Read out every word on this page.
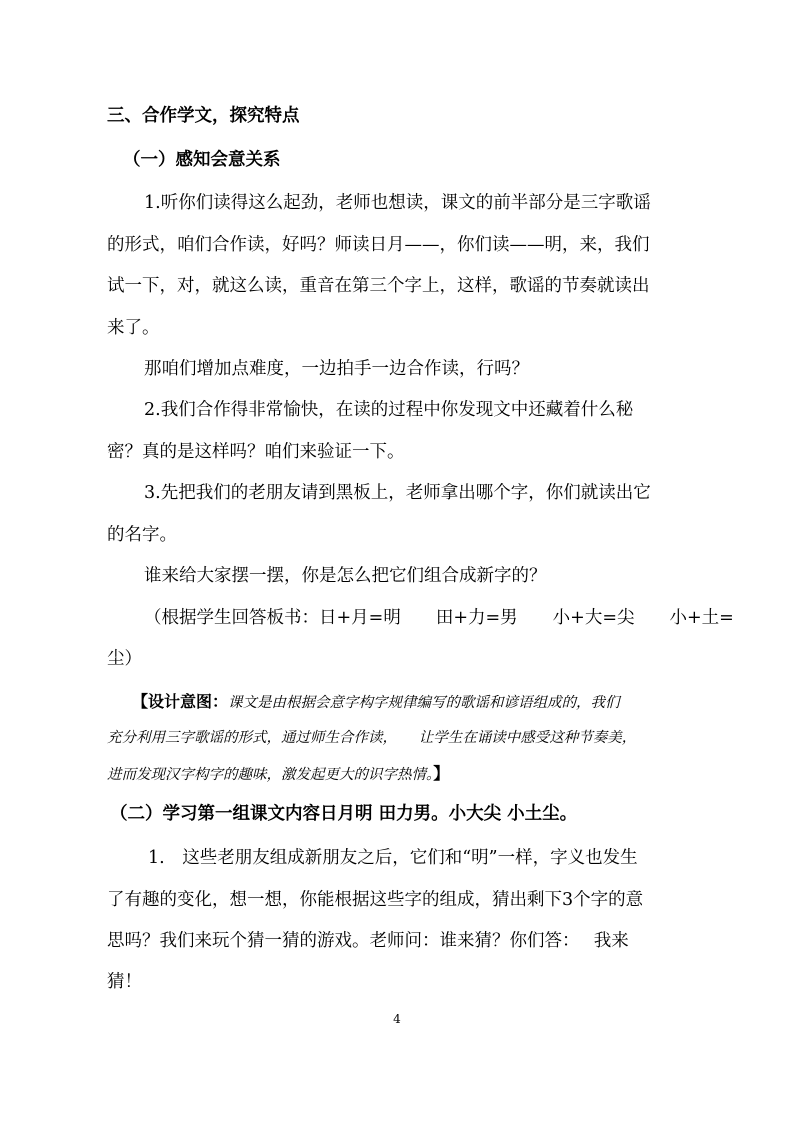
三、合作学文，探究特点
（一）感知会意关系
1.听你们读得这么起劲，老师也想读，课文的前半部分是三字歌谣
的形式，咱们合作读，好吗？师读日月——，你们读——明，来，我们
试一下，对，就这么读，重音在第三个字上，这样，歌谣的节奏就读出
来了。
那咱们增加点难度，一边拍手一边合作读，行吗？
2.我们合作得非常愉快，在读的过程中你发现文中还藏着什么秘
密？真的是这样吗？咱们来验证一下。
3.先把我们的老朋友请到黑板上，老师拿出哪个字，你们就读出它
的名字。
谁来给大家摆一摆，你是怎么把它们组合成新字的？
（根据学生回答板书：日+月=明　　田+力=男　　小+大=尖　　小+土=
尘）
【设计意图：课文是由根据会意字构字规律编写的歌谣和谚语组成的，我们
充分利用三字歌谣的形式，通过师生合作读，　　让学生在诵读中感受这种节奏美，
进而发现汉字构字的趣味，激发起更大的识字热情。】
（二）学习第一组课文内容日月明 田力男。小大尖 小土尘。
1.　这些老朋友组成新朋友之后，它们和“明”一样，字义也发生
了有趣的变化，想一想，你能根据这些字的组成，猜出剩下3个字的意
思吗？我们来玩个猜一猜的游戏。老师问：谁来猜？你们答：　 我来
猜！
4
